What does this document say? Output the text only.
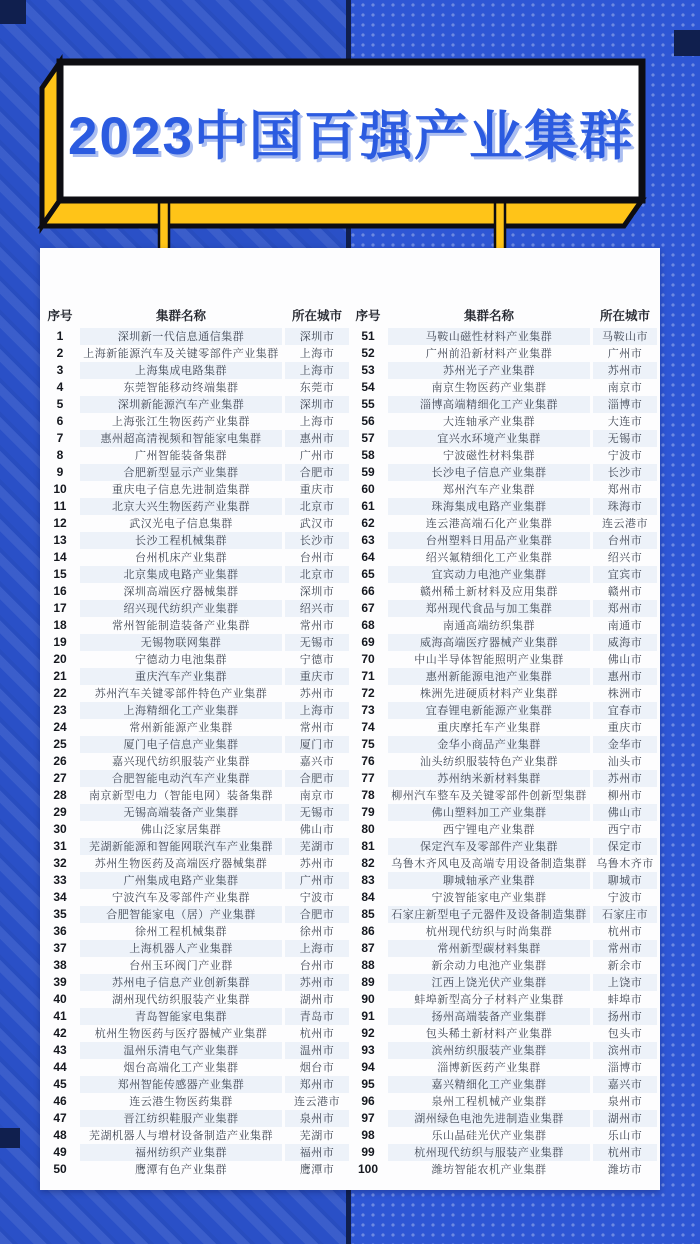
2023中国百强产业集群
序号	集群名称	所在城市
1	深圳新一代信息通信集群	深圳市
2	上海新能源汽车及关键零部件产业集群	上海市
3	上海集成电路集群	上海市
4	东莞智能移动终端集群	东莞市
5	深圳新能源汽车产业集群	深圳市
6	上海张江生物医药产业集群	上海市
7	惠州超高清视频和智能家电集群	惠州市
8	广州智能装备集群	广州市
9	合肥新型显示产业集群	合肥市
10	重庆电子信息先进制造集群	重庆市
11	北京大兴生物医药产业集群	北京市
12	武汉光电子信息集群	武汉市
13	长沙工程机械集群	长沙市
14	台州机床产业集群	台州市
15	北京集成电路产业集群	北京市
16	深圳高端医疗器械集群	深圳市
17	绍兴现代纺织产业集群	绍兴市
18	常州智能制造装备产业集群	常州市
19	无锡物联网集群	无锡市
20	宁德动力电池集群	宁德市
21	重庆汽车产业集群	重庆市
22	苏州汽车关键零部件特色产业集群	苏州市
23	上海精细化工产业集群	上海市
24	常州新能源产业集群	常州市
25	厦门电子信息产业集群	厦门市
26	嘉兴现代纺织服装产业集群	嘉兴市
27	合肥智能电动汽车产业集群	合肥市
28	南京新型电力（智能电网）装备集群	南京市
29	无锡高端装备产业集群	无锡市
30	佛山泛家居集群	佛山市
31	芜湖新能源和智能网联汽车产业集群	芜湖市
32	苏州生物医药及高端医疗器械集群	苏州市
33	广州集成电路产业集群	广州市
34	宁波汽车及零部件产业集群	宁波市
35	合肥智能家电（居）产业集群	合肥市
36	徐州工程机械集群	徐州市
37	上海机器人产业集群	上海市
38	台州玉环阀门产业群	台州市
39	苏州电子信息产业创新集群	苏州市
40	湖州现代纺织服装产业集群	湖州市
41	青岛智能家电集群	青岛市
42	杭州生物医药与医疗器械产业集群	杭州市
43	温州乐清电气产业集群	温州市
44	烟台高端化工产业集群	烟台市
45	郑州智能传感器产业集群	郑州市
46	连云港生物医药集群	连云港市
47	晋江纺织鞋服产业集群	泉州市
48	芜湖机器人与增材设备制造产业集群	芜湖市
49	福州纺织产业集群	福州市
50	鹰潭有色产业集群	鹰潭市
序号	集群名称	所在城市
51	马鞍山磁性材料产业集群	马鞍山市
52	广州前沿新材料产业集群	广州市
53	苏州光子产业集群	苏州市
54	南京生物医药产业集群	南京市
55	淄博高端精细化工产业集群	淄博市
56	大连轴承产业集群	大连市
57	宜兴水环境产业集群	无锡市
58	宁波磁性材料集群	宁波市
59	长沙电子信息产业集群	长沙市
60	郑州汽车产业集群	郑州市
61	珠海集成电路产业集群	珠海市
62	连云港高端石化产业集群	连云港市
63	台州塑料日用品产业集群	台州市
64	绍兴氟精细化工产业集群	绍兴市
65	宜宾动力电池产业集群	宜宾市
66	赣州稀土新材料及应用集群	赣州市
67	郑州现代食品与加工集群	郑州市
68	南通高端纺织集群	南通市
69	威海高端医疗器械产业集群	威海市
70	中山半导体智能照明产业集群	佛山市
71	惠州新能源电池产业集群	惠州市
72	株洲先进硬质材料产业集群	株洲市
73	宜春锂电新能源产业集群	宜春市
74	重庆摩托车产业集群	重庆市
75	金华小商品产业集群	金华市
76	汕头纺织服装特色产业集群	汕头市
77	苏州纳米新材料集群	苏州市
78	柳州汽车整车及关键零部件创新型集群	柳州市
79	佛山塑料加工产业集群	佛山市
80	西宁锂电产业集群	西宁市
81	保定汽车及零部件产业集群	保定市
82	乌鲁木齐风电及高端专用设备制造集群 乌鲁木齐市
83	聊城轴承产业集群	聊城市
84	宁波智能家电产业集群	宁波市
85	石家庄新型电子元器件及设备制造集群	石家庄市
86	杭州现代纺织与时尚集群	杭州市
87	常州新型碳材料集群	常州市
88	新余动力电池产业集群	新余市
89	江西上饶光伏产业集群	上饶市
90	蚌埠新型高分子材料产业集群	蚌埠市
91	扬州高端装备产业集群	扬州市
92	包头稀土新材料产业集群	包头市
93	滨州纺织服装产业集群	滨州市
94	淄博新医药产业集群	淄博市
95	嘉兴精细化工产业集群	嘉兴市
96	泉州工程机械产业集群	泉州市
97	湖州绿色电池先进制造业集群	湖州市
98	乐山晶硅光伏产业集群	乐山市
99	杭州现代纺织与服装产业集群	杭州市
100	潍坊智能农机产业集群	潍坊市
